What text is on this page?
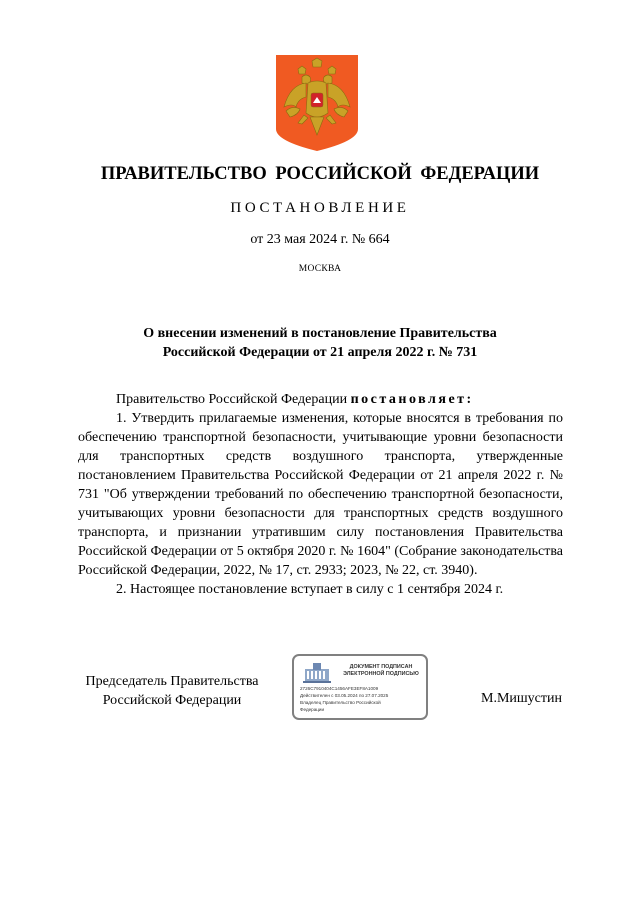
ПРАВИТЕЛЬСТВО РОССИЙСКОЙ ФЕДЕРАЦИИ
ПОСТАНОВЛЕНИЕ
от 23 мая 2024 г. № 664
МОСКВА
О внесении изменений в постановление Правительства
Российской Федерации от 21 апреля 2022 г. № 731

Правительство Российской Федерации постановляет:

1. Утвердить прилагаемые изменения, которые вносятся в требования по обеспечению транспортной безопасности, учитывающие уровни безопасности для транспортных средств воздушного транспорта, утвержденные постановлением Правительства Российской Федерации от 21 апреля 2022 г. № 731 "Об утверждении требований по обеспечению транспортной безопасности, учитывающих уровни безопасности для транспортных средств воздушного транспорта, и признании утратившим силу постановления Правительства Российской Федерации от 5 октября 2020 г. № 1604" (Собрание законодательства Российской Федерации, 2022, № 17, ст. 2933; 2023, № 22, ст. 3940).

2. Настоящее постановление вступает в силу с 1 сентября 2024 г.

Председатель Правительства
Российской Федерации
ДОКУМЕНТ ПОДПИСАН
ЭЛЕКТРОННОЙ ПОДПИСЬЮ
2726C7910404C1456AFE3EF8A1009
Действителен с 03.05.2024 по 27.07.2025
Владелец Правительство Российской
Федерации
М.Мишустин
